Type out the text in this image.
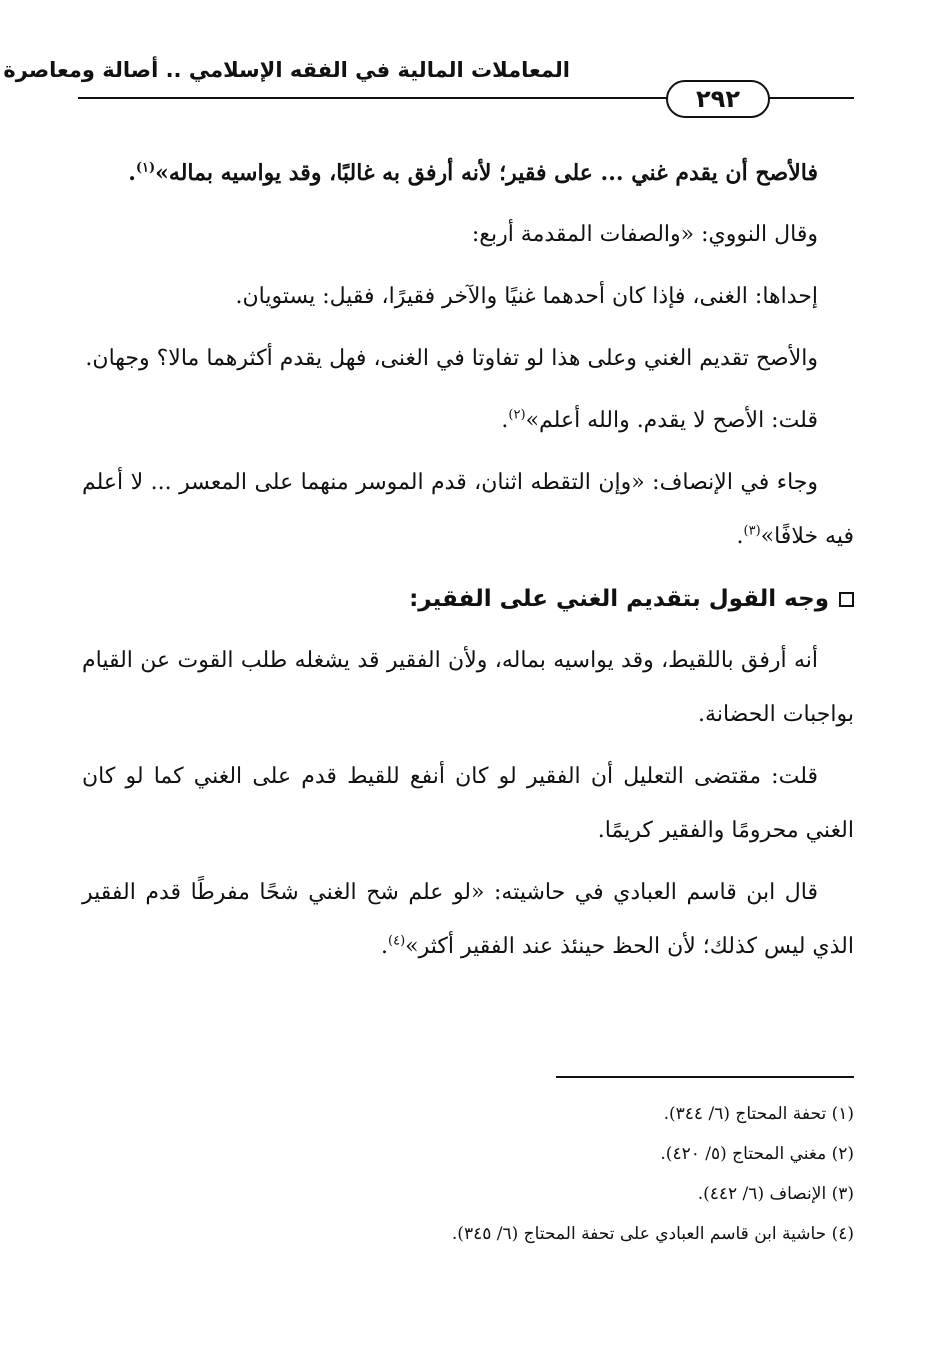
المعاملات المالية في الفقه الإسلامي .. أصالة ومعاصرة
٢٩٢

فالأصح أن يقدم غني ... على فقير؛ لأنه أرفق به غالبًا، وقد يواسيه بماله»$^{(١)}$.

وقال النووي: «والصفات المقدمة أربع:

إحداها: الغنى، فإذا كان أحدهما غنيًا والآخر فقيرًا، فقيل: يستويان.

والأصح تقديم الغني وعلى هذا لو تفاوتا في الغنى، فهل يقدم أكثرهما مالا؟ وجهان.

قلت: الأصح لا يقدم. والله أعلم»$^{(٢)}$.

وجاء في الإنصاف: «وإن التقطه اثنان، قدم الموسر منهما على المعسر ... لا أعلم فيه خلافًا»$^{(٣)}$.

وجه القول بتقديم الغني على الفقير:

أنه أرفق باللقيط، وقد يواسيه بماله، ولأن الفقير قد يشغله طلب القوت عن القيام بواجبات الحضانة.

قلت: مقتضى التعليل أن الفقير لو كان أنفع للقيط قدم على الغني كما لو كان الغني محرومًا والفقير كريمًا.

قال ابن قاسم العبادي في حاشيته: «لو علم شح الغني شحًا مفرطًا قدم الفقير الذي ليس كذلك؛ لأن الحظ حينئذ عند الفقير أكثر»$^{(٤)}$.

(١) تحفة المحتاج (٦/ ٣٤٤).
(٢) مغني المحتاج (٥/ ٤٢٠).
(٣) الإنصاف (٦/ ٤٤٢).
(٤) حاشية ابن قاسم العبادي على تحفة المحتاج (٦/ ٣٤٥).
